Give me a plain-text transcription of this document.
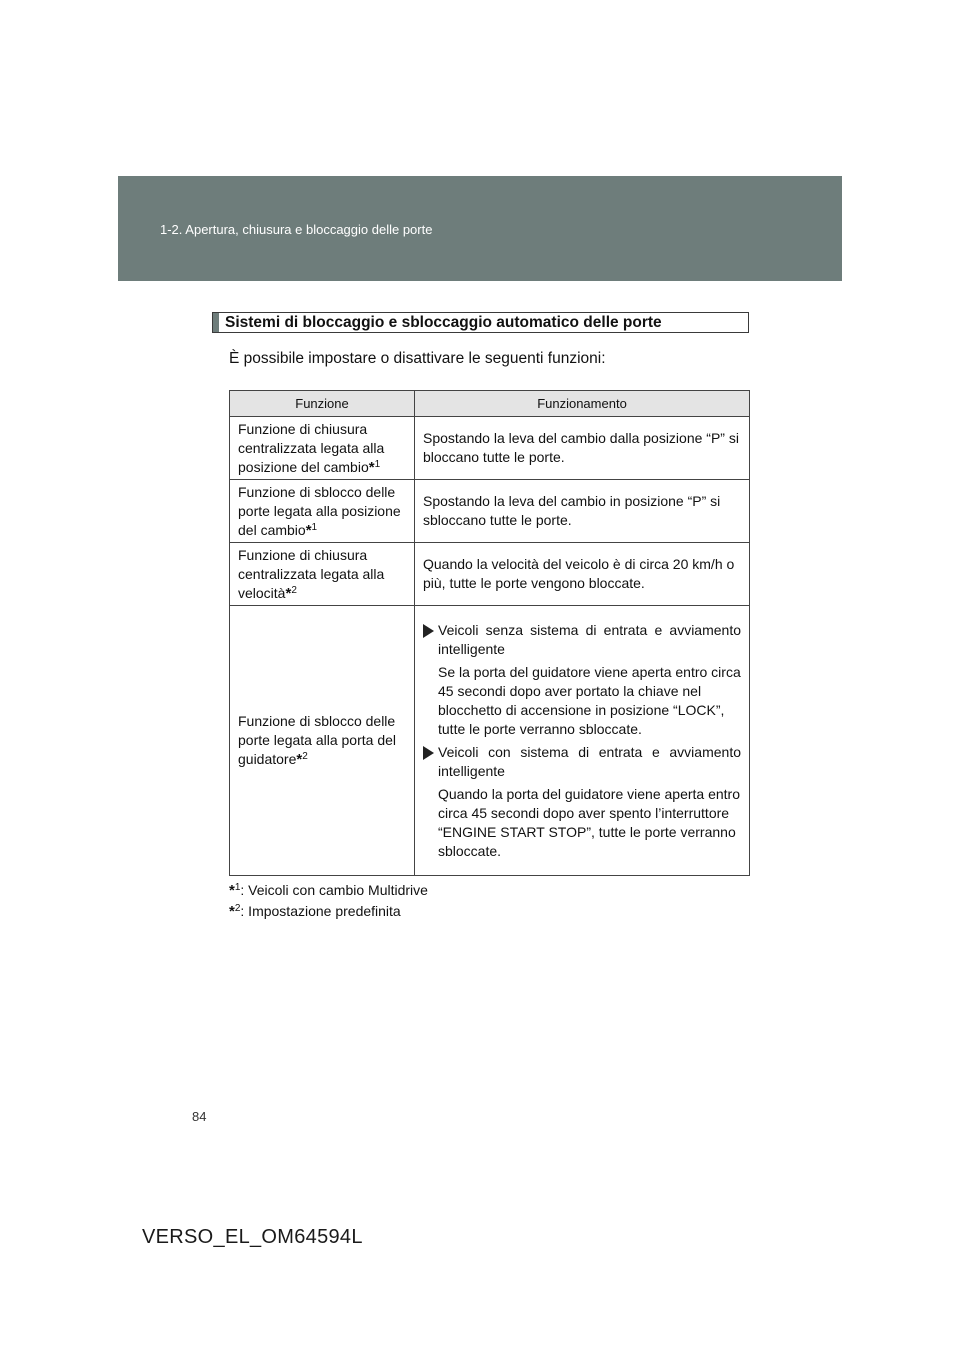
1-2. Apertura, chiusura e bloccaggio delle porte
Sistemi di bloccaggio e sbloccaggio automatico delle porte
È possibile impostare o disattivare le seguenti funzioni:
Funzione	Funzionamento
Funzione di chiusura centralizzata legata alla posizione del cambio*$^1$	Spostando la leva del cambio dalla posizione “P” si bloccano tutte le porte.
Funzione di sblocco delle porte legata alla posizione del cambio*$^1$	Spostando la leva del cambio in posizione “P” si sbloccano tutte le porte.
Funzione di chiusura centralizzata legata alla velocità*$^2$	Quando la velocità del veicolo è di circa 20 km/h o più, tutte le porte vengono bloccate.
Funzione di sblocco delle porte legata alla porta del guidatore*$^2$	Veicoli senza sistema di entrata e avviamento intelligente
Se la porta del guidatore viene aperta entro circa 45 secondi dopo aver portato la chiave nel blocchetto di accensione in posizione “LOCK”, tutte le porte verranno sbloccate.
Veicoli con sistema di entrata e avviamento intelligente
Quando la porta del guidatore viene aperta entro circa 45 secondi dopo aver spento l’interruttore “ENGINE START STOP”, tutte le porte verranno sbloccate.
*$^1$: Veicoli con cambio Multidrive
*$^2$: Impostazione predefinita
84
VERSO_EL_OM64594L
